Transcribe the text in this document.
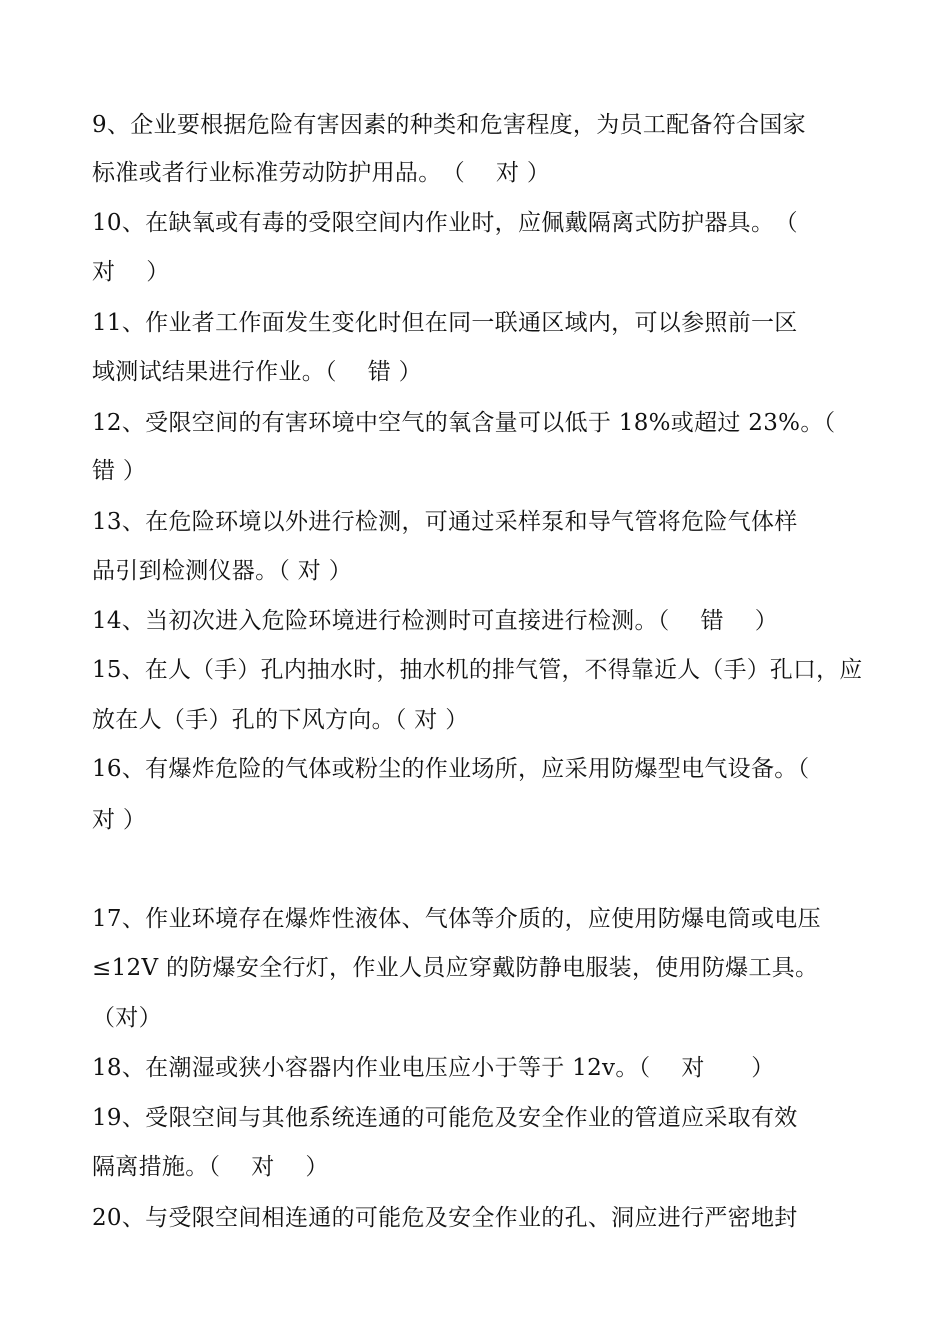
9、企业要根据危险有害因素的种类和危害程度，为员工配备符合国家
标准或者行业标准劳动防护用品。　（　 对 ）
10、在缺氧或有毒的受限空间内作业时，应佩戴隔离式防护器具。　（
对　 ）
11、作业者工作面发生变化时但在同一联通区域内，可以参照前一区
域测试结果进行作业。（　 错 ）
12、受限空间的有害环境中空气的氧含量可以低于 18%或超过 23%。（
错 ）
13、在危险环境以外进行检测，可通过采样泵和导气管将危险气体样
品引到检测仪器。（ 对 ）
14、当初次进入危险环境进行检测时可直接进行检测。（　 错　 ）
15、在人（手）孔内抽水时，抽水机的排气管，不得靠近人（手）孔口，应
放在人（手）孔的下风方向。（ 对 ）
16、有爆炸危险的气体或粉尘的作业场所，应采用防爆型电气设备。（
对 ）
17、作业环境存在爆炸性液体、气体等介质的，应使用防爆电筒或电压
≤12V 的防爆安全行灯，作业人员应穿戴防静电服装，使用防爆工具。
（对）
18、在潮湿或狭小容器内作业电压应小于等于 12v。（　 对　　）
19、受限空间与其他系统连通的可能危及安全作业的管道应采取有效
隔离措施。（　 对　 ）
20、与受限空间相连通的可能危及安全作业的孔、洞应进行严密地封
